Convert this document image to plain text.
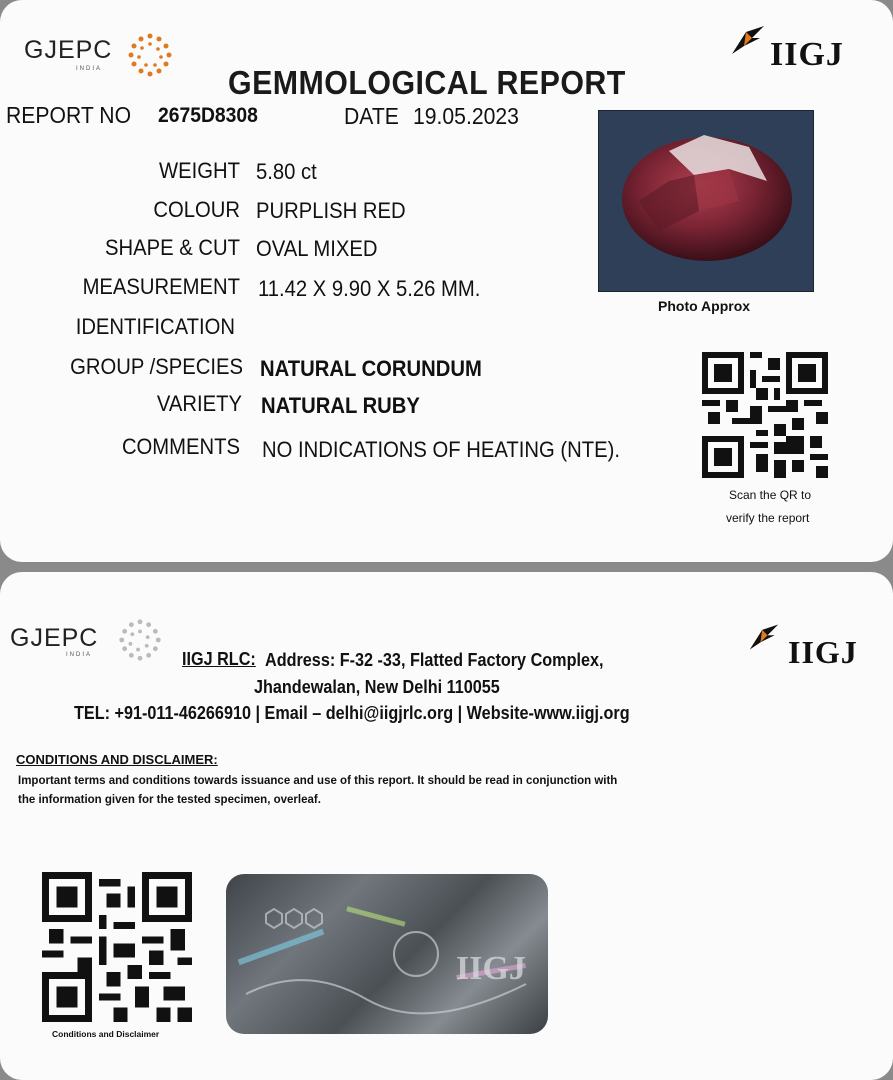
GJEPC
INDIA	IIGJ
GEMMOLOGICAL REPORT
REPORT NO 2675D8308	DATE 19.05.2023
WEIGHT 5.80 ct
COLOUR PURPLISH RED
SHAPE & CUT OVAL MIXED
MEASUREMENT 11.42 X 9.90 X 5.26 MM.
IDENTIFICATION
GROUP /SPECIES NATURAL CORUNDUM
VARIETY NATURAL RUBY
COMMENTS NO INDICATIONS OF HEATING (NTE).
Photo Approx
Scan the QR to
verify the report
GJEPC
INDIA	IIGJ
IIGJ RLC: Address: F-32 -33, Flatted Factory Complex,
Jhandewalan, New Delhi 110055
TEL: +91-011-46266910 | Email – delhi@iigjrlc.org | Website-www.iigj.org
CONDITIONS AND DISCLAIMER:
Important terms and conditions towards issuance and use of this report. It should be read in conjunction with
the information given for the tested specimen, overleaf.
Conditions and Disclaimer
IIGJ
